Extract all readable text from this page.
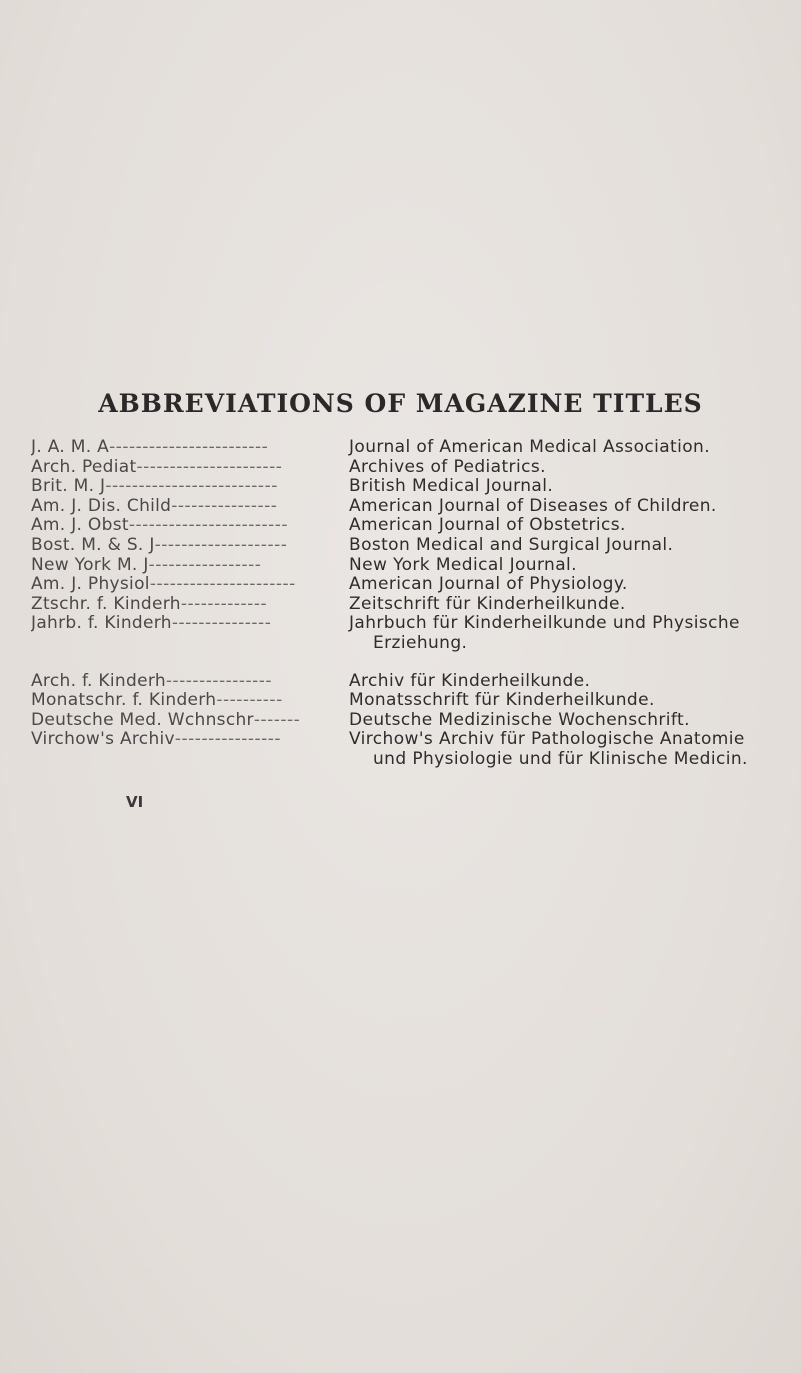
ABBREVIATIONS OF MAGAZINE TITLES
J. A. M. A------------------------	Journal of American Medical Association.
Arch. Pediat----------------------	Archives of Pediatrics.
Brit. M. J--------------------------	British Medical Journal.
Am. J. Dis. Child----------------	American Journal of Diseases of Children.
Am. J. Obst------------------------	American Journal of Obstetrics.
Bost. M. & S. J--------------------	Boston Medical and Surgical Journal.
New York M. J-----------------	New York Medical Journal.
Am. J. Physiol----------------------	American Journal of Physiology.
Ztschr. f. Kinderh-------------	Zeitschrift für Kinderheilkunde.
Jahrb. f. Kinderh---------------	Jahrbuch für Kinderheilkunde und Physische
Erziehung.
Arch. f. Kinderh----------------	Archiv für Kinderheilkunde.
Monatschr. f. Kinderh----------	Monatsschrift für Kinderheilkunde.
Deutsche Med. Wchnschr-------	Deutsche Medizinische Wochenschrift.
Virchow's Archiv----------------	Virchow's Archiv für Pathologische Anatomie
und Physiologie und für Klinische Medicin.
VI
